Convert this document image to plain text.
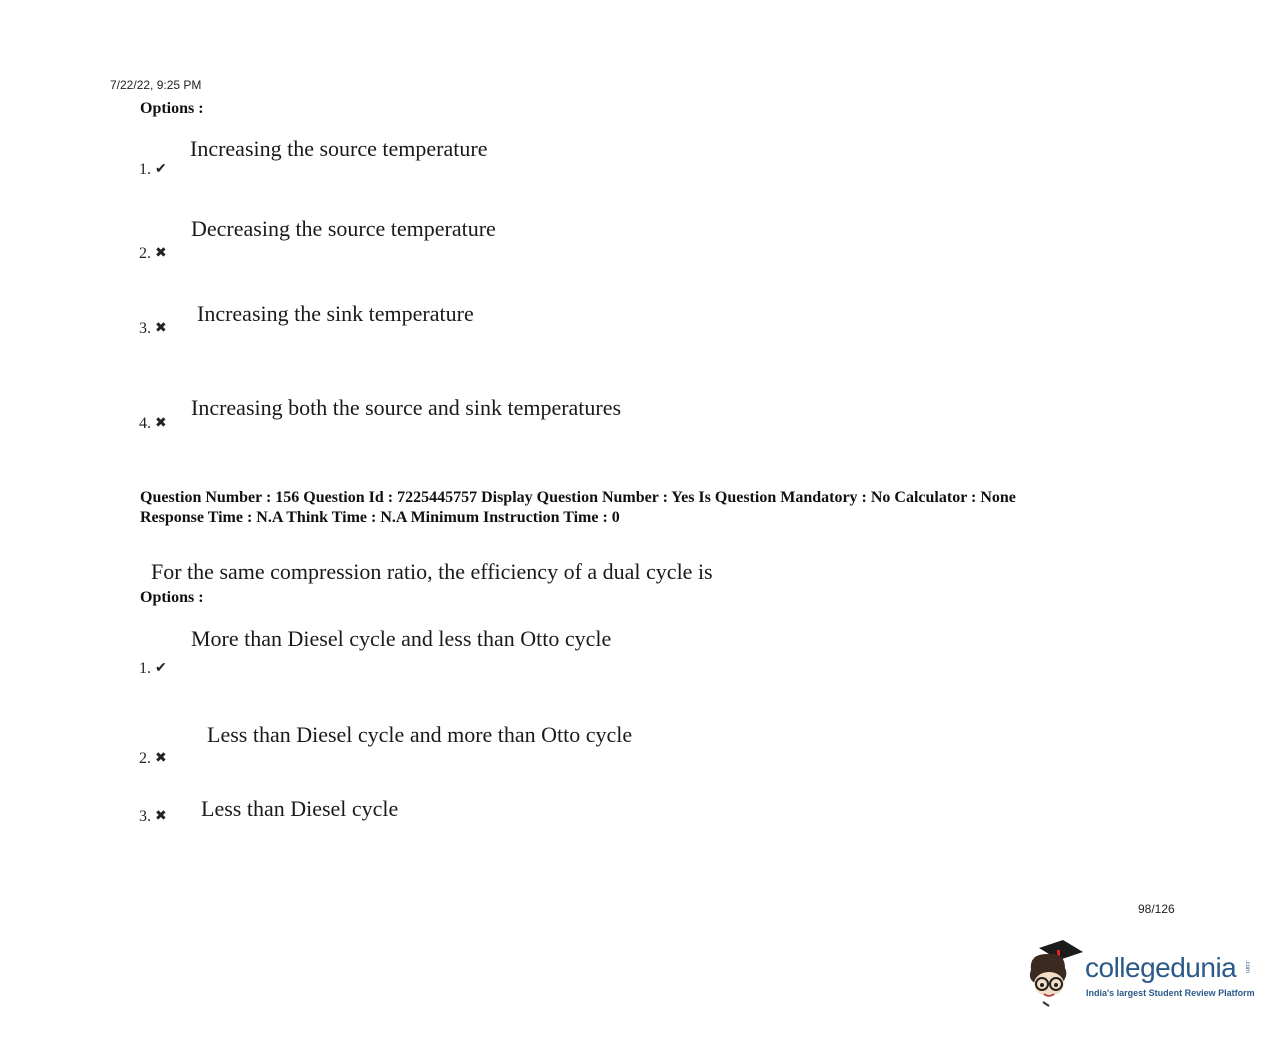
7/22/22, 9:25 PM
Options :
Increasing the source temperature
1. ✔
Decreasing the source temperature
2. ✖
Increasing the sink temperature
3. ✖
Increasing both the source and sink temperatures
4. ✖
Question Number : 156 Question Id : 7225445757 Display Question Number : Yes Is Question Mandatory : No Calculator : None
Response Time : N.A Think Time : N.A Minimum Instruction Time : 0
For the same compression ratio, the efficiency of a dual cycle is
Options :
More than Diesel cycle and less than Otto cycle
1. ✔
Less than Diesel cycle and more than Otto cycle
2. ✖
Less than Diesel cycle
3. ✖
98/126
collegedunia .com
India's largest Student Review Platform
